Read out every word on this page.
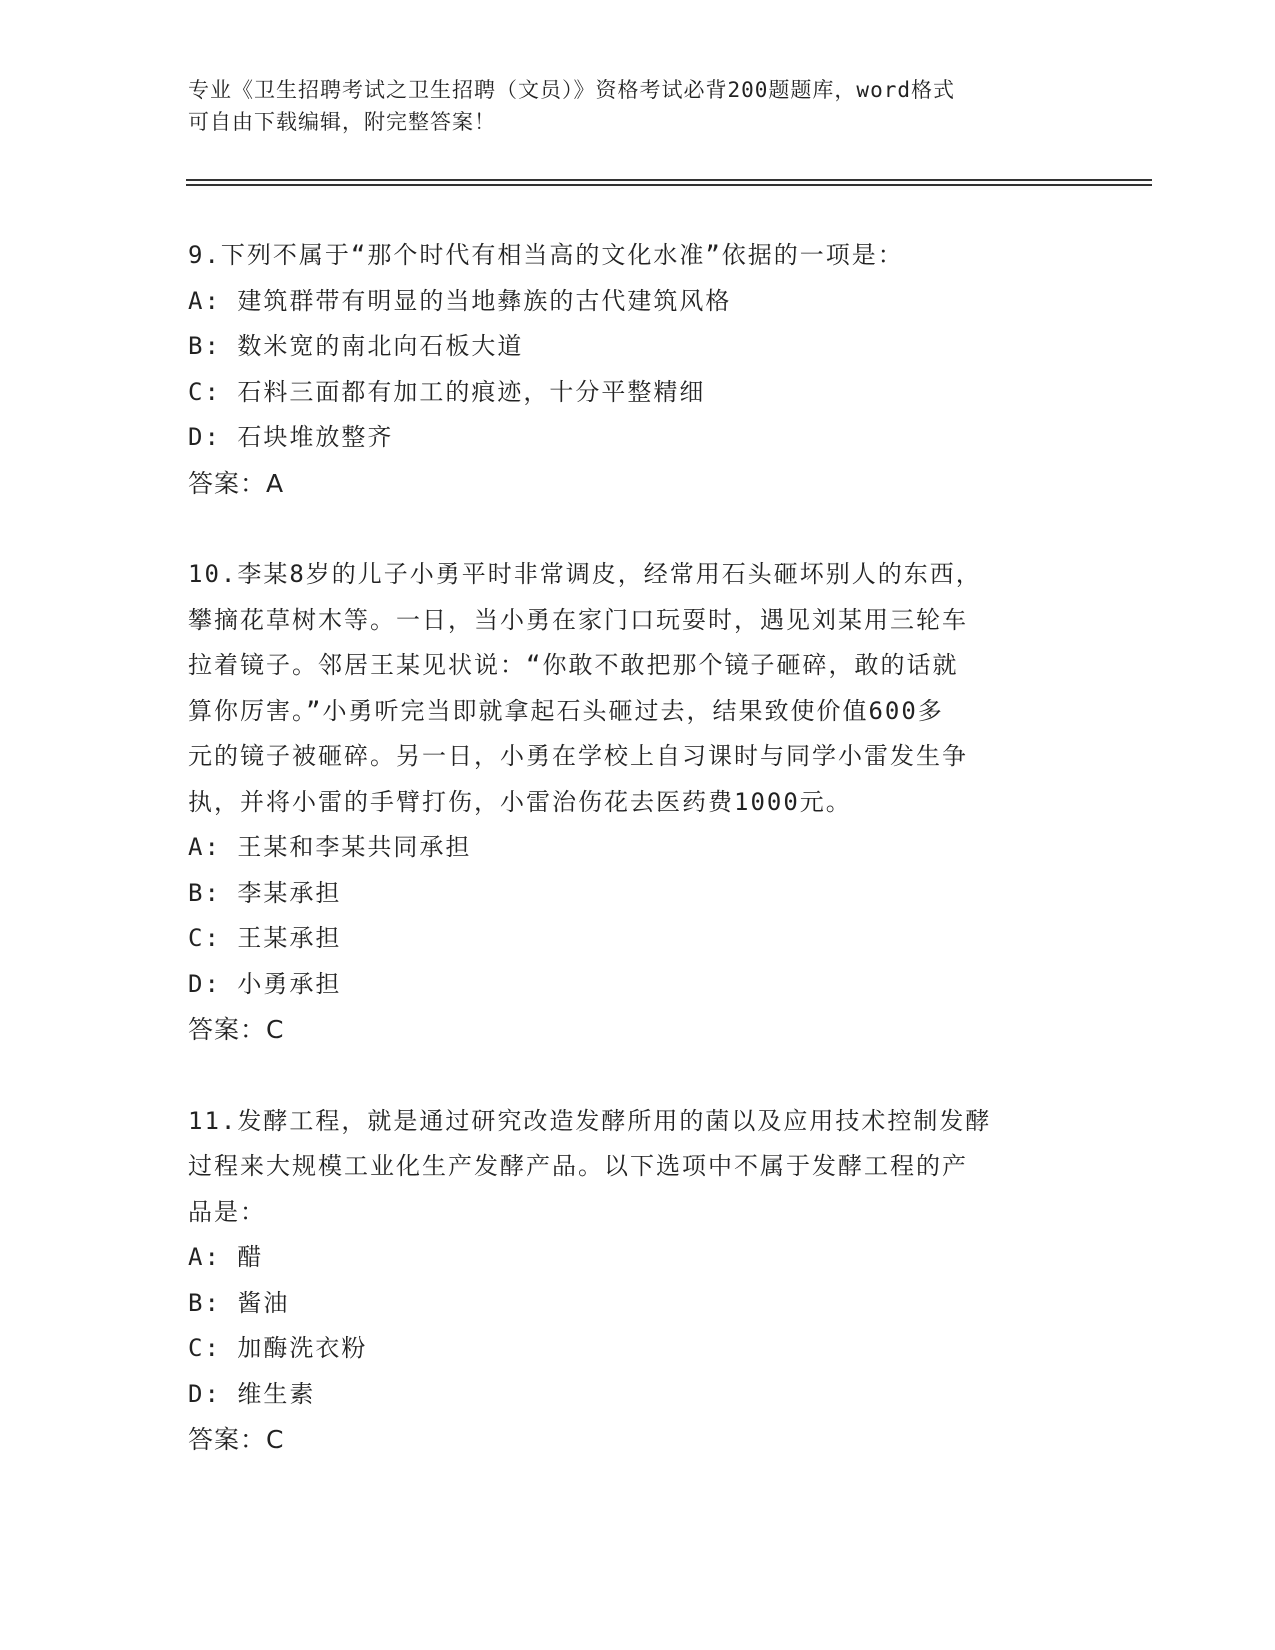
专业《卫生招聘考试之卫生招聘（文员）》资格考试必背200题题库，word格式
可自由下载编辑，附完整答案！
9.下列不属于“那个时代有相当高的文化水准”依据的一项是：
A: 建筑群带有明显的当地彝族的古代建筑风格
B: 数米宽的南北向石板大道
C: 石料三面都有加工的痕迹，十分平整精细
D: 石块堆放整齐
答案：A
10.李某8岁的儿子小勇平时非常调皮，经常用石头砸坏别人的东西，
攀摘花草树木等。一日，当小勇在家门口玩耍时，遇见刘某用三轮车
拉着镜子。邻居王某见状说：“你敢不敢把那个镜子砸碎，敢的话就
算你厉害。”小勇听完当即就拿起石头砸过去，结果致使价值600多
元的镜子被砸碎。另一日，小勇在学校上自习课时与同学小雷发生争
执，并将小雷的手臂打伤，小雷治伤花去医药费1000元。
A: 王某和李某共同承担
B: 李某承担
C: 王某承担
D: 小勇承担
答案：C
11.发酵工程，就是通过研究改造发酵所用的菌以及应用技术控制发酵
过程来大规模工业化生产发酵产品。以下选项中不属于发酵工程的产
品是：
A: 醋
B: 酱油
C: 加酶洗衣粉
D: 维生素
答案：C
